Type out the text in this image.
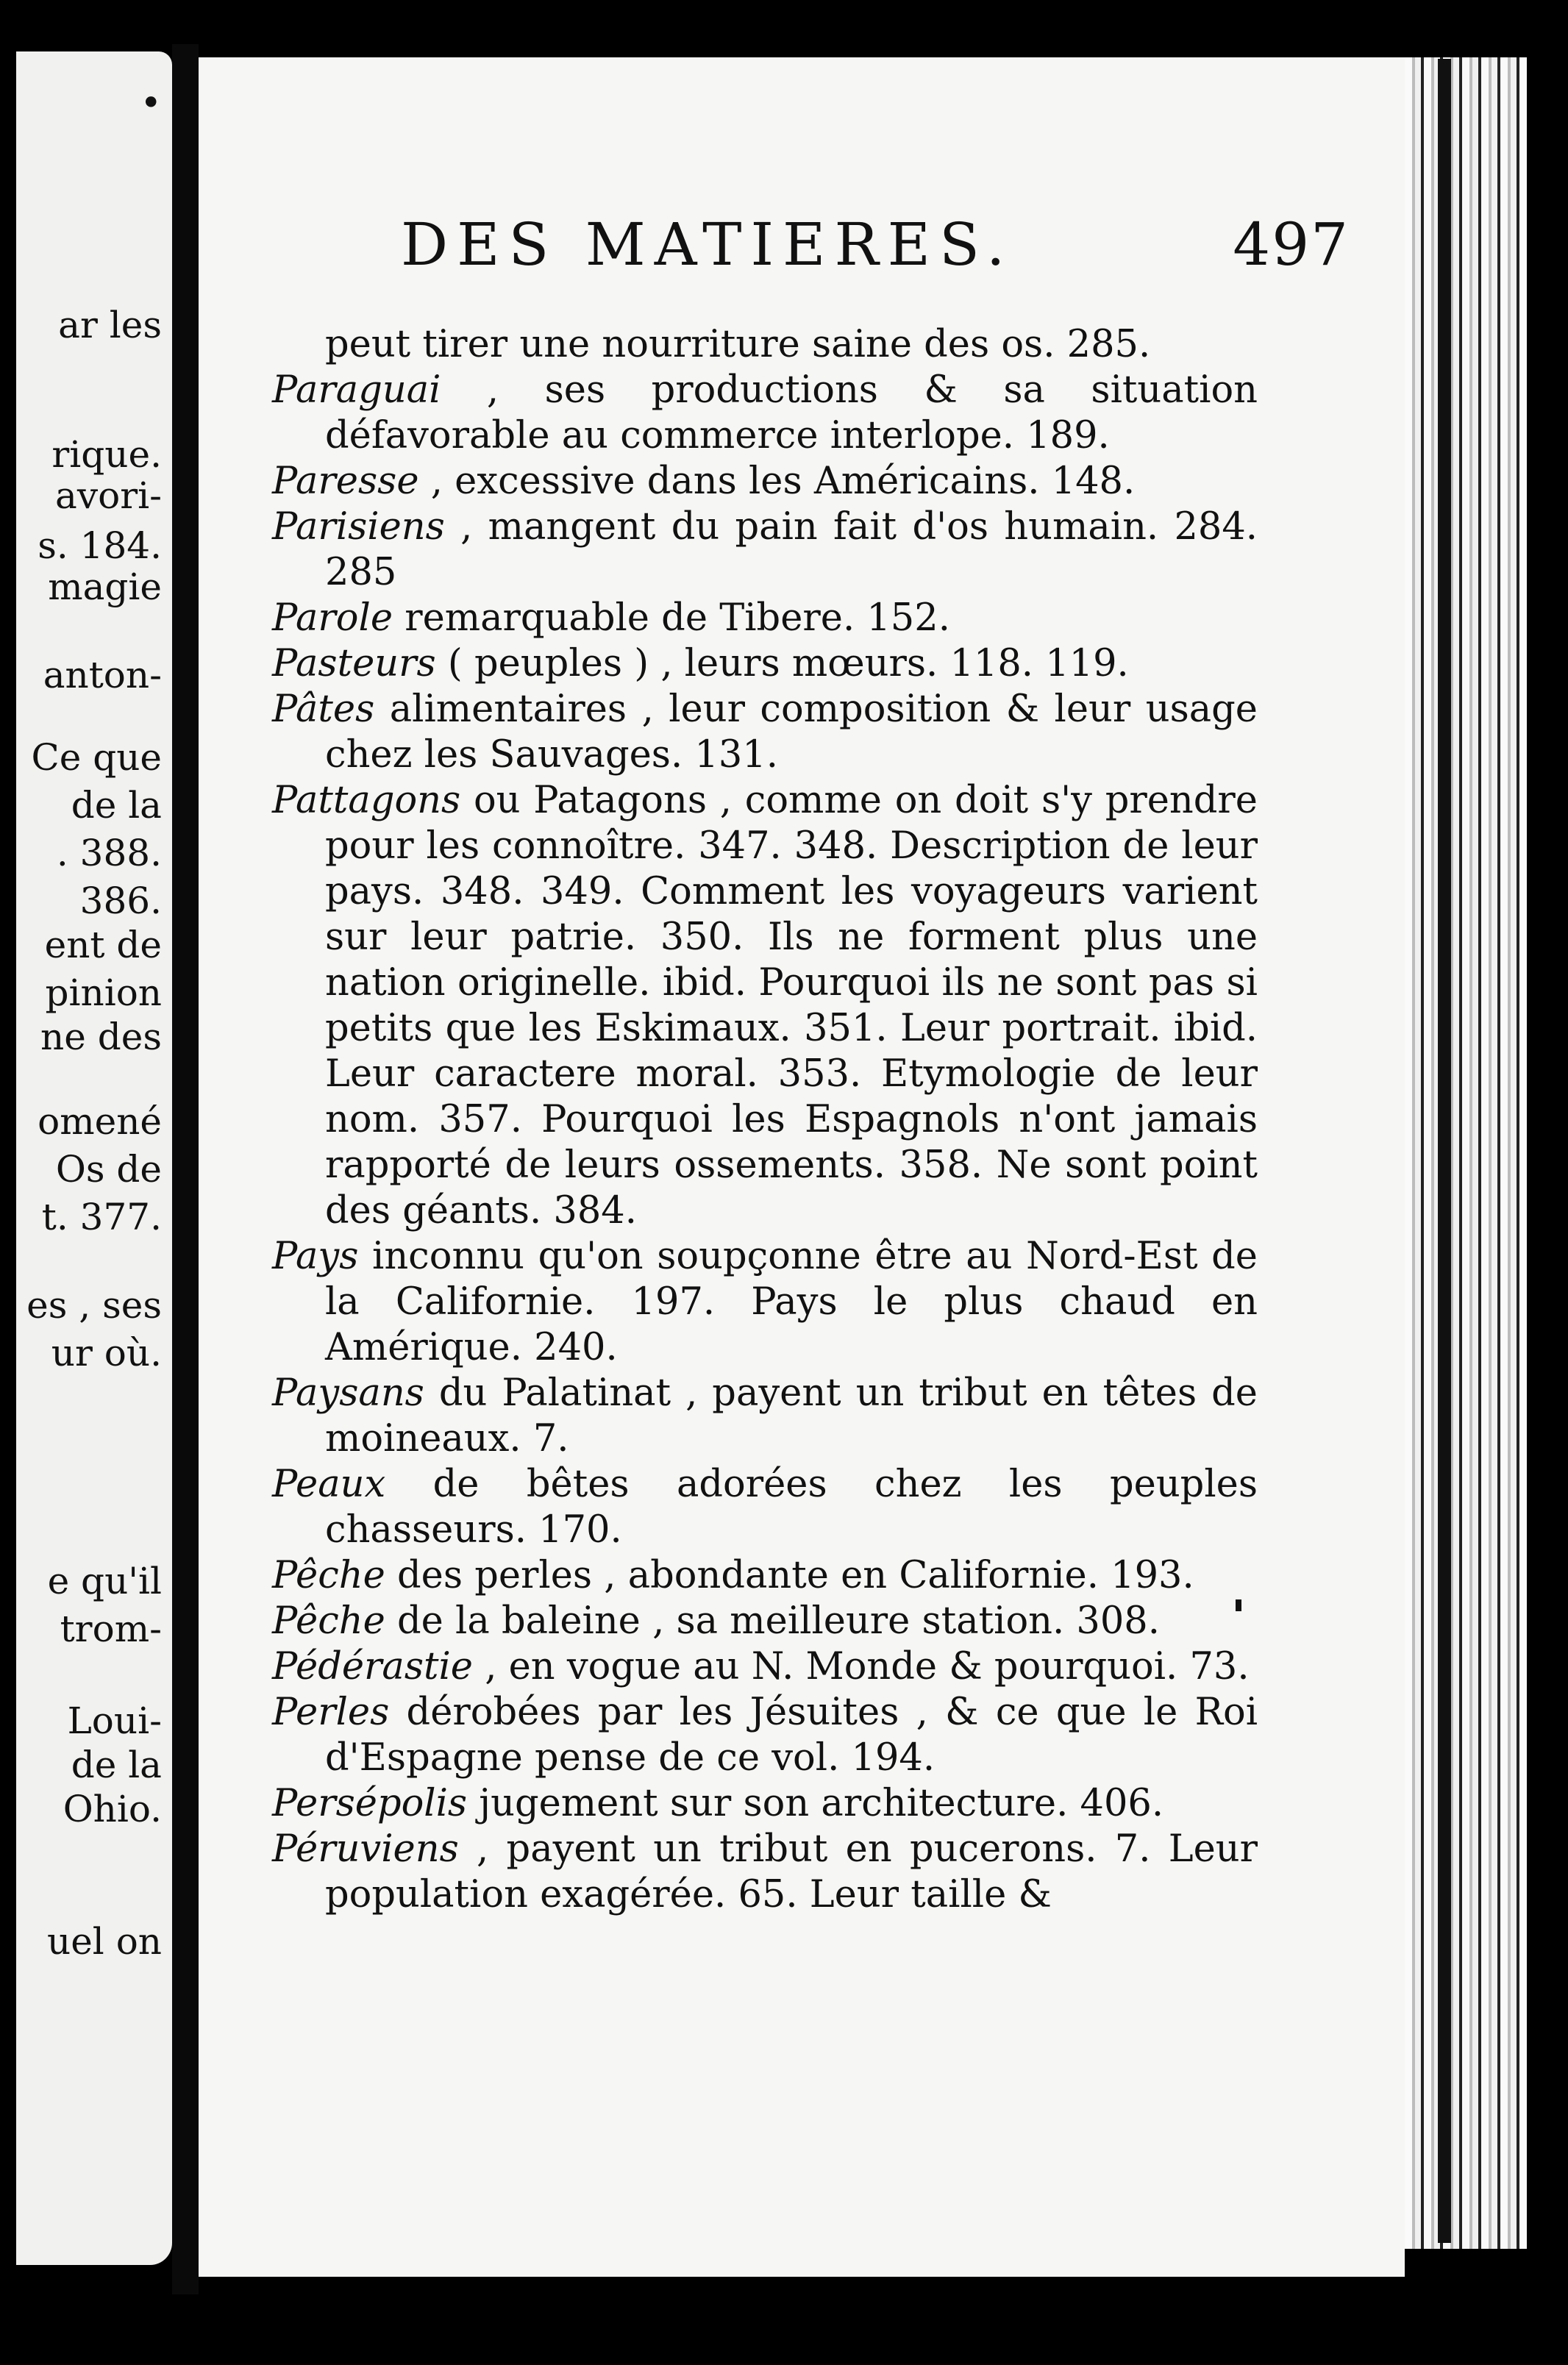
•
ar les
rique.
avori-
s. 184.
magie
anton-
Ce que
de la
. 388.
386.
ent de
pinion
ne des
omené
Os de
t. 377.
es , ses
ur où.
e qu'il
trom-
Loui-
de la
Ohio.
uel on
DES MATIERES.	497
peut tirer une nourriture saine des os. 285.
Paraguai , ses productions & sa situation défavorable au commerce interlope. 189.
Paresse , excessive dans les Américains. 148.
Parisiens , mangent du pain fait d'os humain. 284. 285
Parole remarquable de Tibere. 152.
Pasteurs ( peuples ) , leurs mœurs. 118. 119.
Pâtes alimentaires , leur composition & leur usage chez les Sauvages. 131.
Pattagons ou Patagons , comme on doit s'y prendre pour les connoître. 347. 348. Description de leur pays. 348. 349. Comment les voyageurs varient sur leur patrie. 350. Ils ne forment plus une nation originelle. ibid. Pourquoi ils ne sont pas si petits que les Eskimaux. 351. Leur portrait. ibid. Leur caractere moral. 353. Etymologie de leur nom. 357. Pourquoi les Espagnols n'ont jamais rapporté de leurs ossements. 358. Ne sont point des géants. 384.
Pays inconnu qu'on soupçonne être au Nord-Est de la Californie. 197. Pays le plus chaud en Amérique. 240.
Paysans du Palatinat , payent un tribut en têtes de moineaux. 7.
Peaux de bêtes adorées chez les peuples chasseurs. 170.
Pêche des perles , abondante en Californie. 193.
Pêche de la baleine , sa meilleure station. 308.
Pédérastie , en vogue au N. Monde & pourquoi. 73.
Perles dérobées par les Jésuites , & ce que le Roi d'Espagne pense de ce vol. 194.
Persépolis jugement sur son architecture. 406.
Péruviens , payent un tribut en pucerons. 7. Leur population exagérée. 65. Leur taille &
